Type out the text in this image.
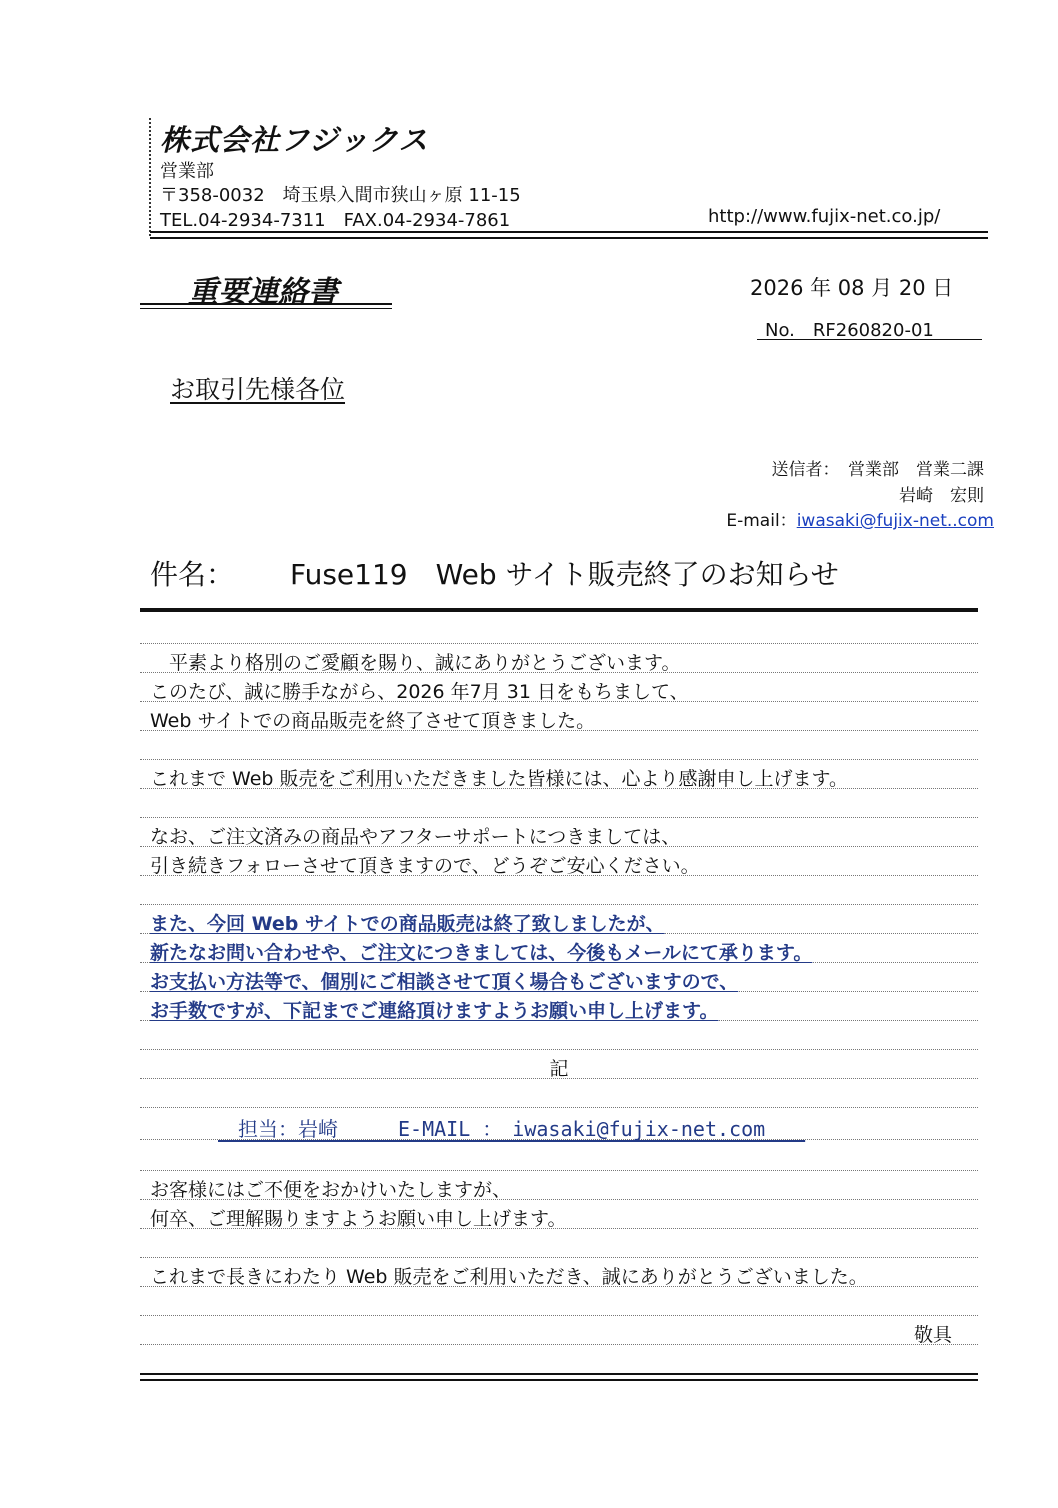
株式会社フジックス
営業部
〒358-0032　埼玉県入間市狭山ヶ原 11-15
TEL.04-2934-7311　FAX.04-2934-7861	http://www.fujix-net.co.jp/
重要連絡書	2026 年 08 月 20 日
No.　RF260820-01
お取引先様各位
送信者：　営業部　営業二課
岩崎　宏則
E-mail：iwasaki@fujix-net..com
件名： Fuse119　Web サイト販売終了のお知らせ
　平素より格別のご愛顧を賜り、誠にありがとうございます。
このたび、誠に勝手ながら、2026 年7月 31 日をもちまして、
Web サイトでの商品販売を終了させて頂きました。
これまで Web 販売をご利用いただきました皆様には、心より感謝申し上げます。
なお、ご注文済みの商品やアフターサポートにつきましては、
引き続きフォローさせて頂きますので、どうぞご安心ください。
また、今回 Web サイトでの商品販売は終了致しましたが、
新たなお問い合わせや、ご注文につきましては、今後もメールにて承ります。
お支払い方法等で、個別にご相談させて頂く場合もございますので、
お手数ですが、下記までご連絡頂けますようお願い申し上げます。
記
　担当：岩崎　　　E-MAIL ：　iwasaki@fujix-net.com　　
お客様にはご不便をおかけいたしますが、
何卒、ご理解賜りますようお願い申し上げます。
これまで長きにわたり Web 販売をご利用いただき、誠にありがとうございました。
敬具
